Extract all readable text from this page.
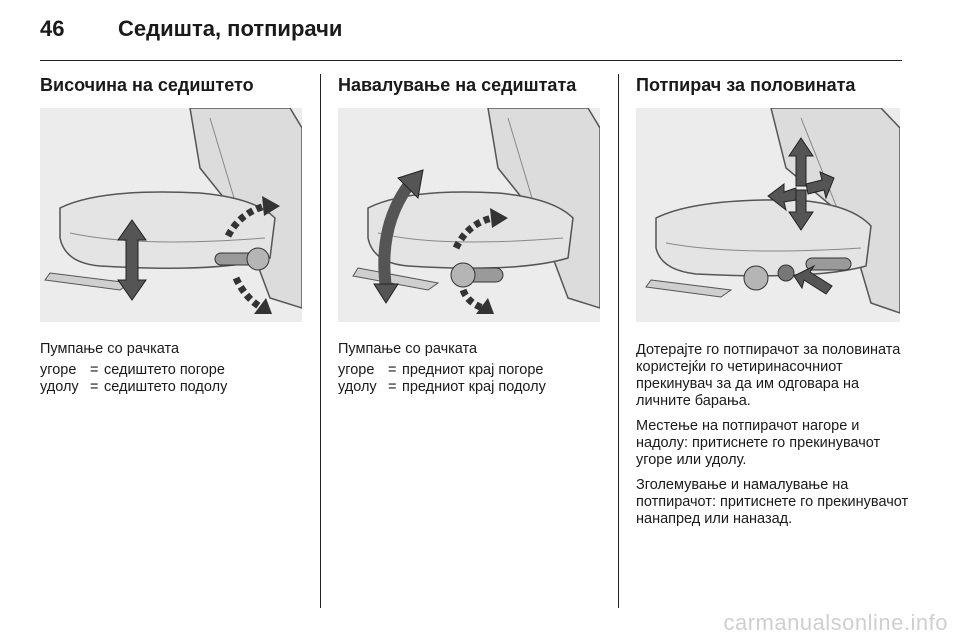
46 Седишта, потпирачи
Височина на седиштето
Пумпање со рачката
угоре = седиштето погоре
удолу = седиштето подолу
Навалување на седиштата
Пумпање со рачката
угоре = предниот крај погоре
удолу = предниот крај подолу
Потпирач за половината

Дотерајте го потпирачот за половината користејќи го четиринасочниот прекинувач за да им одговара на личните барања.

Местење на потпирачот нагоре и надолу: притиснете го прекинувачот угоре или удолу.

Зголемување и намалување на потпирачот: притиснете го прекинувачот нанапред или наназад.

carmanualsonline.info
